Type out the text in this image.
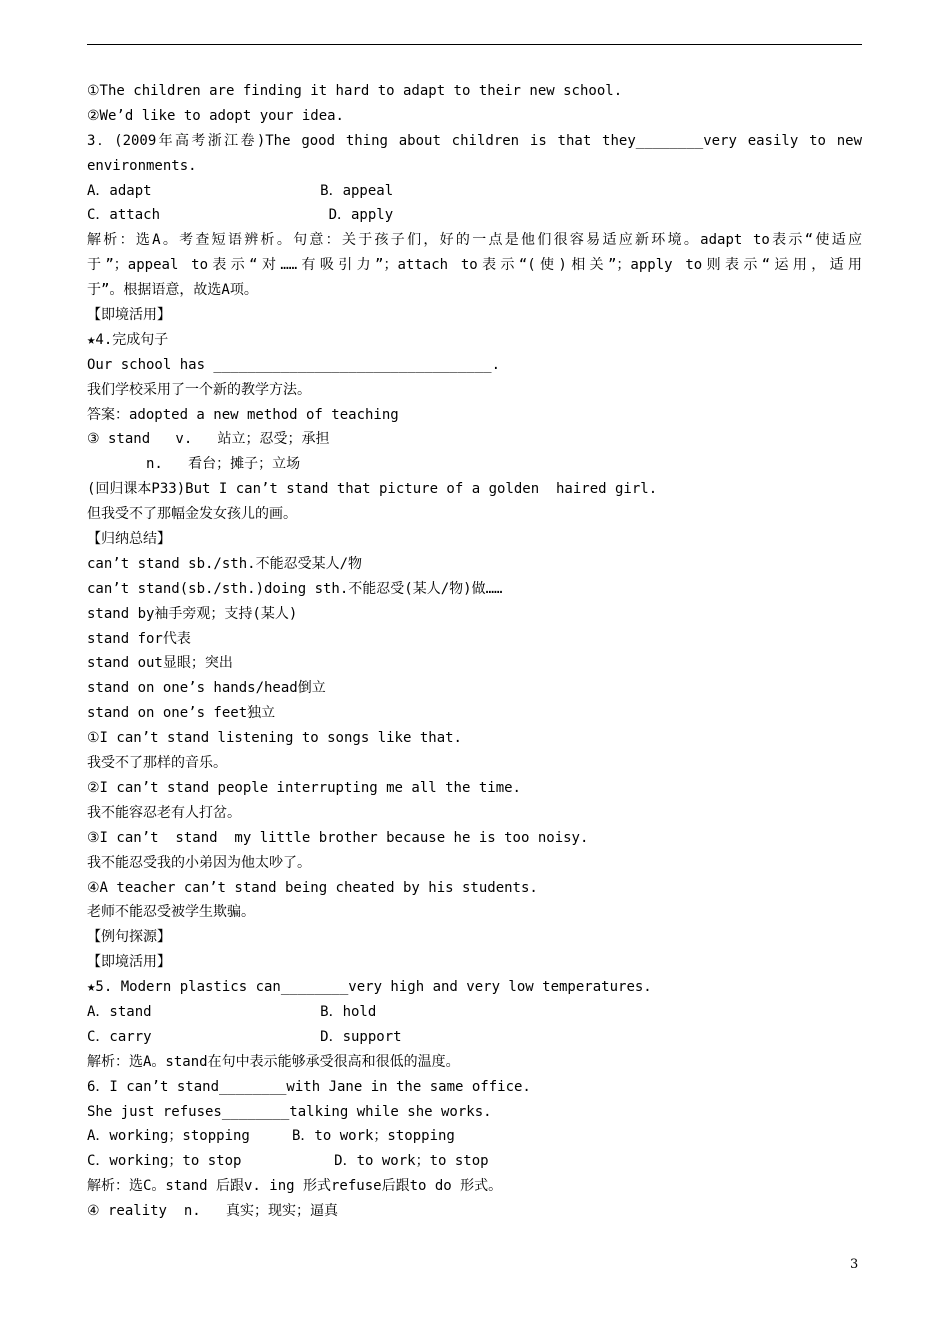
①The children are finding it hard to adapt to their new school.
②We’d like to adopt your idea.
3．(2009年高考浙江卷)The good thing about children is that they________very easily to new
environments.
A．adapt                    B．appeal
C．attach                    D．apply
解析：选A。考查短语辨析。句意：关于孩子们，好的一点是他们很容易适应新环境。adapt to表示“使适应
于”；appeal to表示“对……有吸引力”；attach to表示“(使)相关”；apply to则表示“运用，适用
于”。根据语意，故选A项。
【即境活用】
★4.完成句子
Our school has _________________________________.
我们学校采用了一个新的教学方法。
答案：adopted a new method of teaching
③ stand   v.   站立；忍受；承担
n.   看台；摊子；立场
(回归课本P33)But I can’t stand that picture of a golden  haired girl.
但我受不了那幅金发女孩儿的画。
【归纳总结】
can’t stand sb./sth.不能忍受某人/物
can’t stand(sb./sth.)doing sth.不能忍受(某人/物)做……
stand by袖手旁观；支持(某人)
stand for代表
stand out显眼；突出
stand on one’s hands/head倒立
stand on one’s feet独立
①I can’t stand listening to songs like that.
我受不了那样的音乐。
②I can’t stand people interrupting me all the time.
我不能容忍老有人打岔。
③I can’t  stand  my little brother because he is too noisy.
我不能忍受我的小弟因为他太吵了。
④A teacher can’t stand being cheated by his students.
老师不能忍受被学生欺骗。
【例句探源】
【即境活用】
★5. Modern plastics can________very high and very low temperatures.
A．stand                    B．hold
C．carry                    D．support
解析：选A。stand在句中表示能够承受很高和很低的温度。
6．I can’t stand________with Jane in the same office.
She just refuses________talking while she works.
A．working；stopping     B．to work；stopping
C．working；to stop           D．to work；to stop
解析：选C。stand 后跟v. ing 形式refuse后跟to do 形式。
④ reality  n.   真实；现实；逼真
3
